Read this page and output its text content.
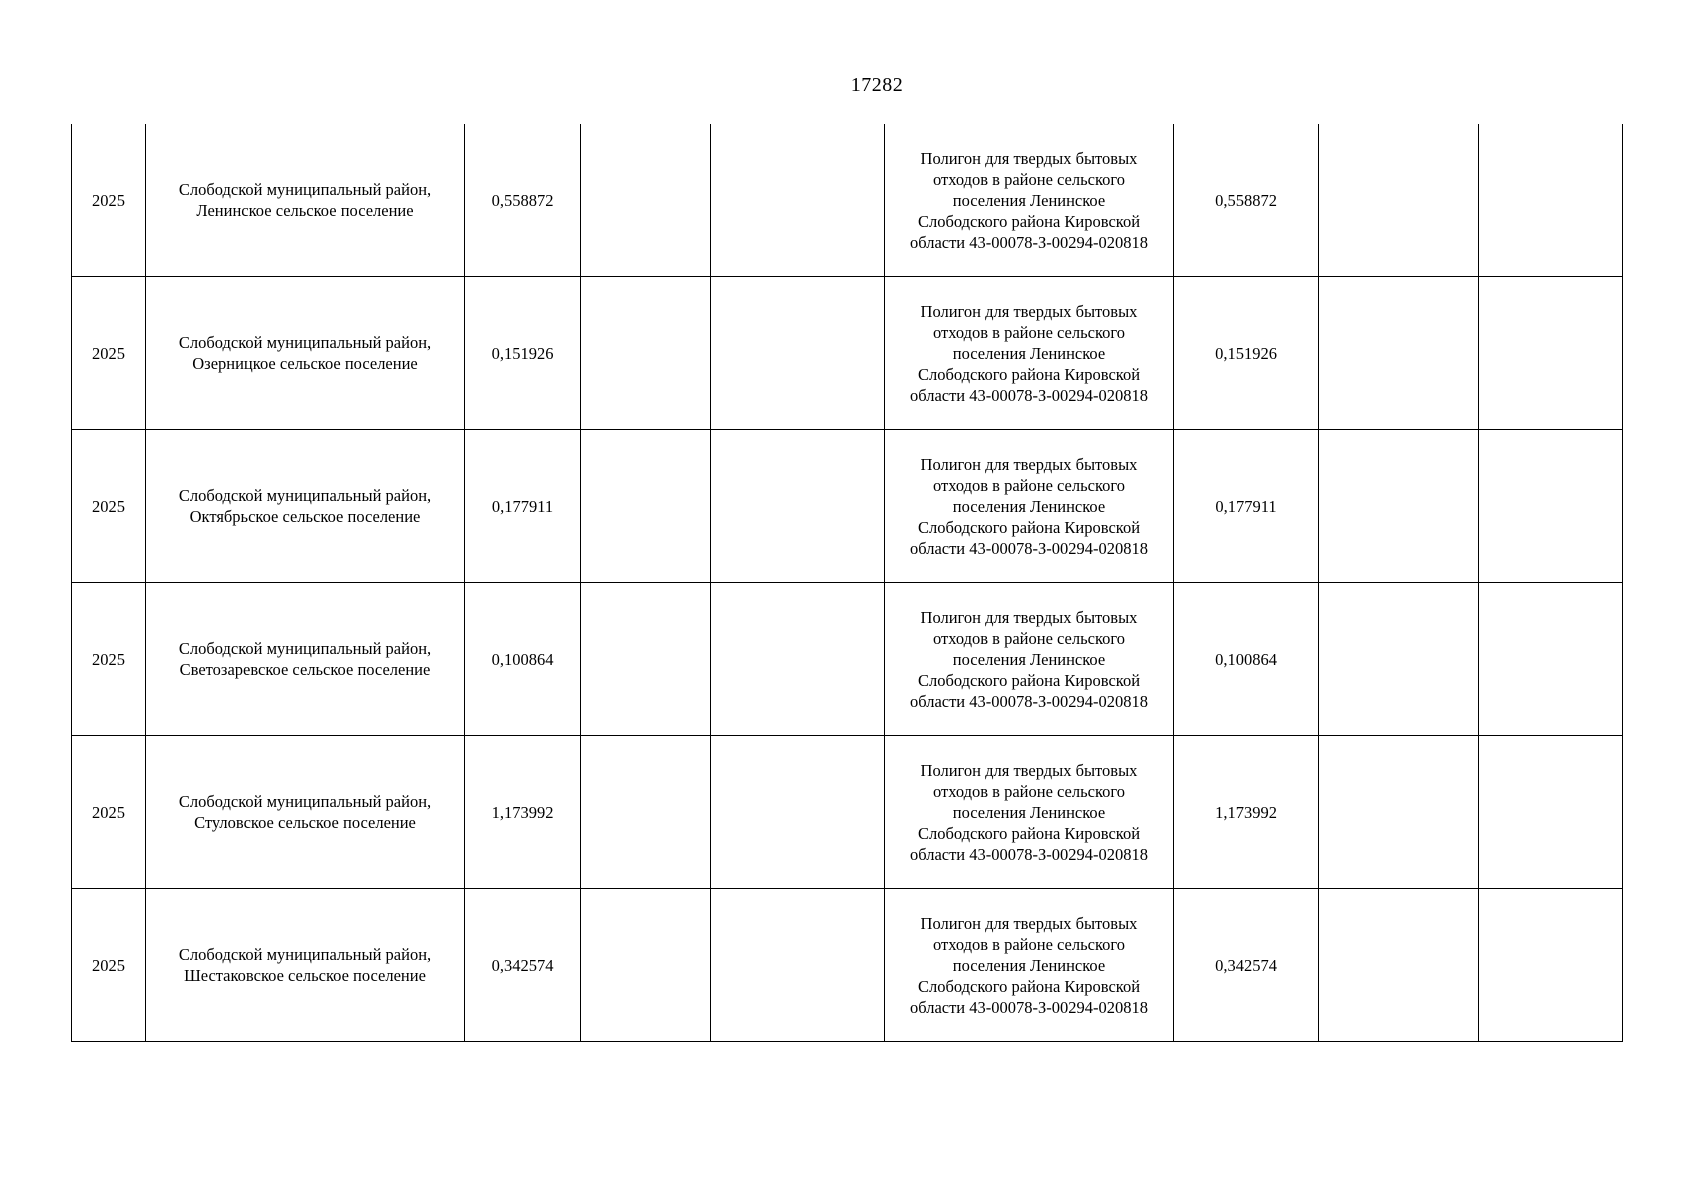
17282
2025	Слободской муниципальный район,
Ленинское сельское поселение	0,558872			Полигон для твердых бытовых
отходов в районе сельского
поселения Ленинское
Слободского района Кировской
области 43-00078-З-00294-020818	0,558872		

2025	Слободской муниципальный район,
Озерницкое сельское поселение	0,151926			Полигон для твердых бытовых
отходов в районе сельского
поселения Ленинское
Слободского района Кировской
области 43-00078-З-00294-020818	0,151926		

2025	Слободской муниципальный район,
Октябрьское сельское поселение	0,177911			Полигон для твердых бытовых
отходов в районе сельского
поселения Ленинское
Слободского района Кировской
области 43-00078-З-00294-020818	0,177911		

2025	Слободской муниципальный район,
Светозаревское сельское поселение	0,100864			Полигон для твердых бытовых
отходов в районе сельского
поселения Ленинское
Слободского района Кировской
области 43-00078-З-00294-020818	0,100864		

2025	Слободской муниципальный район,
Стуловское сельское поселение	1,173992			Полигон для твердых бытовых
отходов в районе сельского
поселения Ленинское
Слободского района Кировской
области 43-00078-З-00294-020818	1,173992		

2025	Слободской муниципальный район,
Шестаковское сельское поселение	0,342574			Полигон для твердых бытовых
отходов в районе сельского
поселения Ленинское
Слободского района Кировской
области 43-00078-З-00294-020818	0,342574		
